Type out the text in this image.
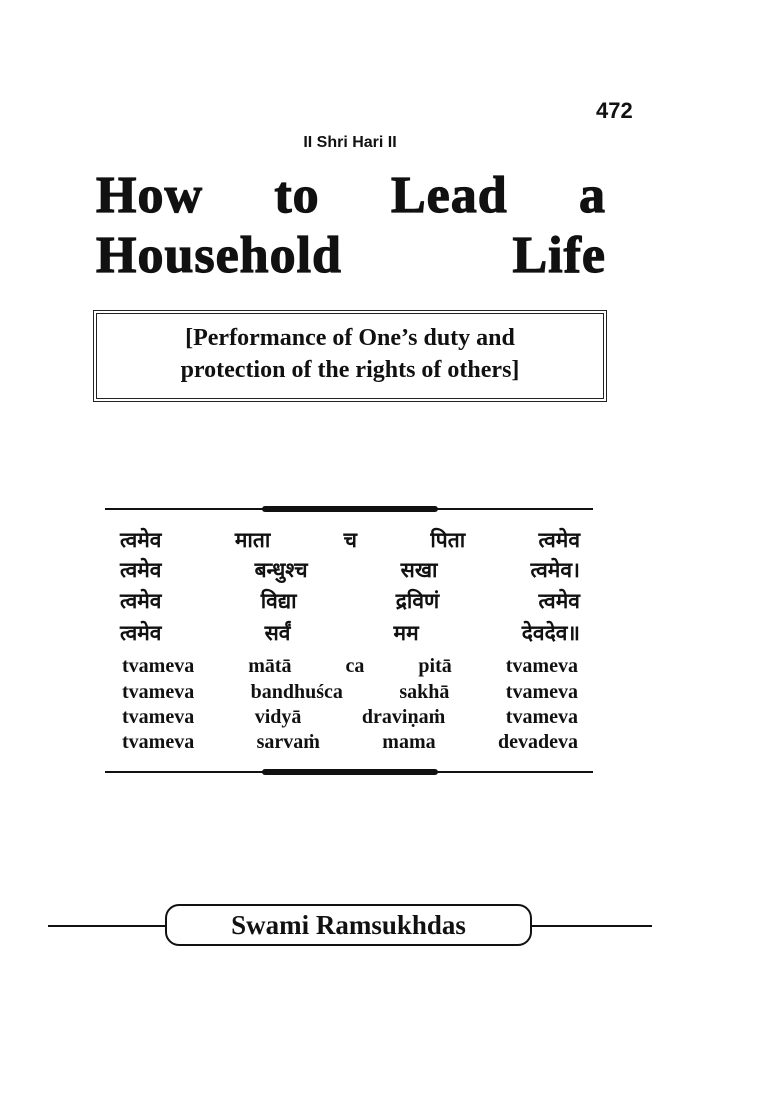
472
II Shri Hari II
How to Lead a
Household Life
[Performance of One’s duty and
protection of the rights of others]
त्वमेव	माता	च	पिता	त्वमेव
त्वमेव	बन्धुश्च	सखा	त्वमेव।
त्वमेव	विद्या	द्रविणं	त्वमेव
त्वमेव	सर्वं	मम	देवदेव॥
tvameva	mātā	ca	pitā	tvameva
tvameva	bandhuśca	sakhā	tvameva
tvameva	vidyā	draviṇaṁ	tvameva
tvameva	sarvaṁ	mama	devadeva
Swami Ramsukhdas
